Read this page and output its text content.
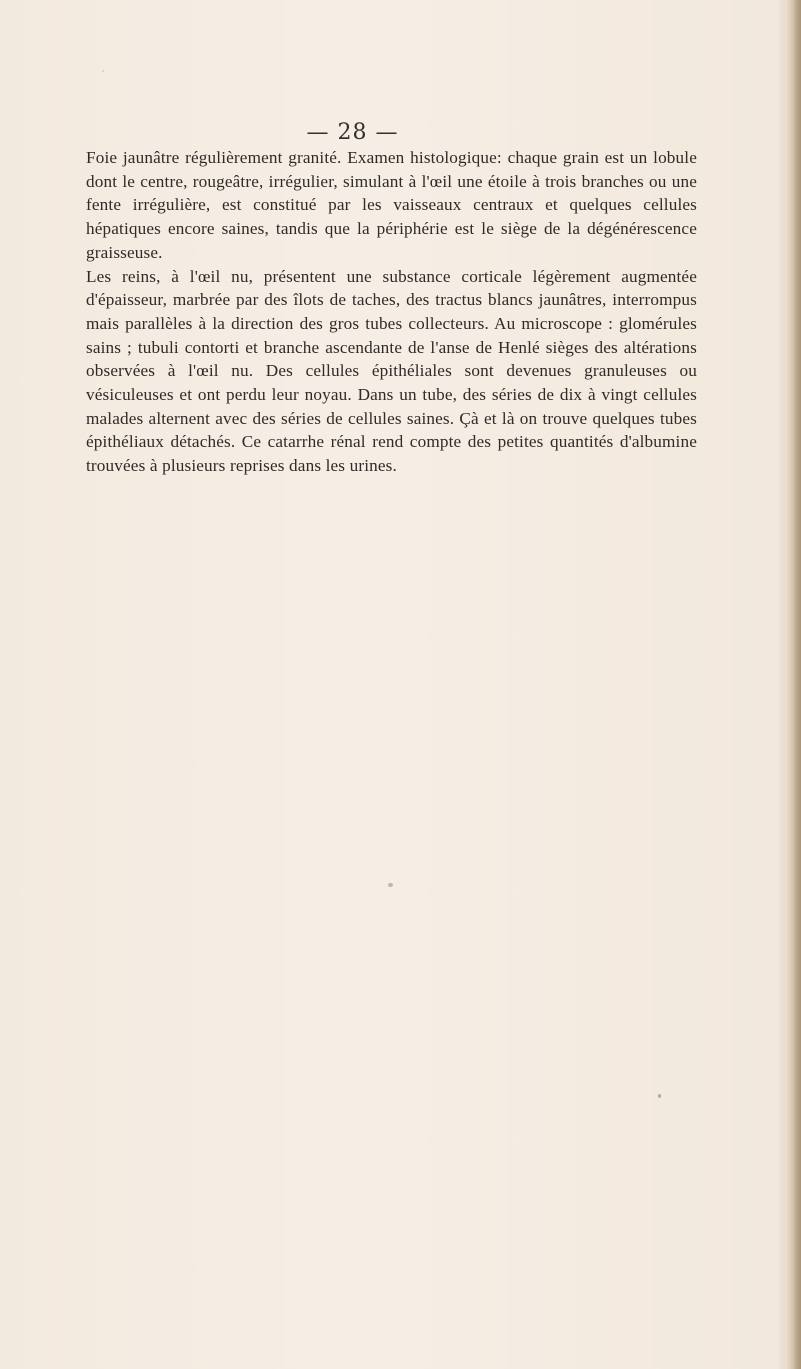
— 28 —

Foie jaunâtre régulièrement granité. Examen histologique: chaque grain est un lobule dont le centre, rougeâtre, irrégulier, simulant à l'œil une étoile à trois branches ou une fente irrégulière, est constitué par les vaisseaux centraux et quelques cellules hépatiques encore saines, tandis que la périphérie est le siège de la dégénérescence graisseuse.

Les reins, à l'œil nu, présentent une substance corticale légèrement augmentée d'épaisseur, marbrée par des îlots de taches, des tractus blancs jaunâtres, interrompus mais parallèles à la direction des gros tubes collecteurs. Au microscope : glomérules sains ; tubuli contorti et branche ascendante de l'anse de Henlé sièges des altérations observées à l'œil nu. Des cellules épithéliales sont devenues granuleuses ou vésiculeuses et ont perdu leur noyau. Dans un tube, des séries de dix à vingt cellules malades alternent avec des séries de cellules saines. Çà et là on trouve quelques tubes épithéliaux détachés. Ce catarrhe rénal rend compte des petites quantités d'albumine trouvées à plusieurs reprises dans les urines.
